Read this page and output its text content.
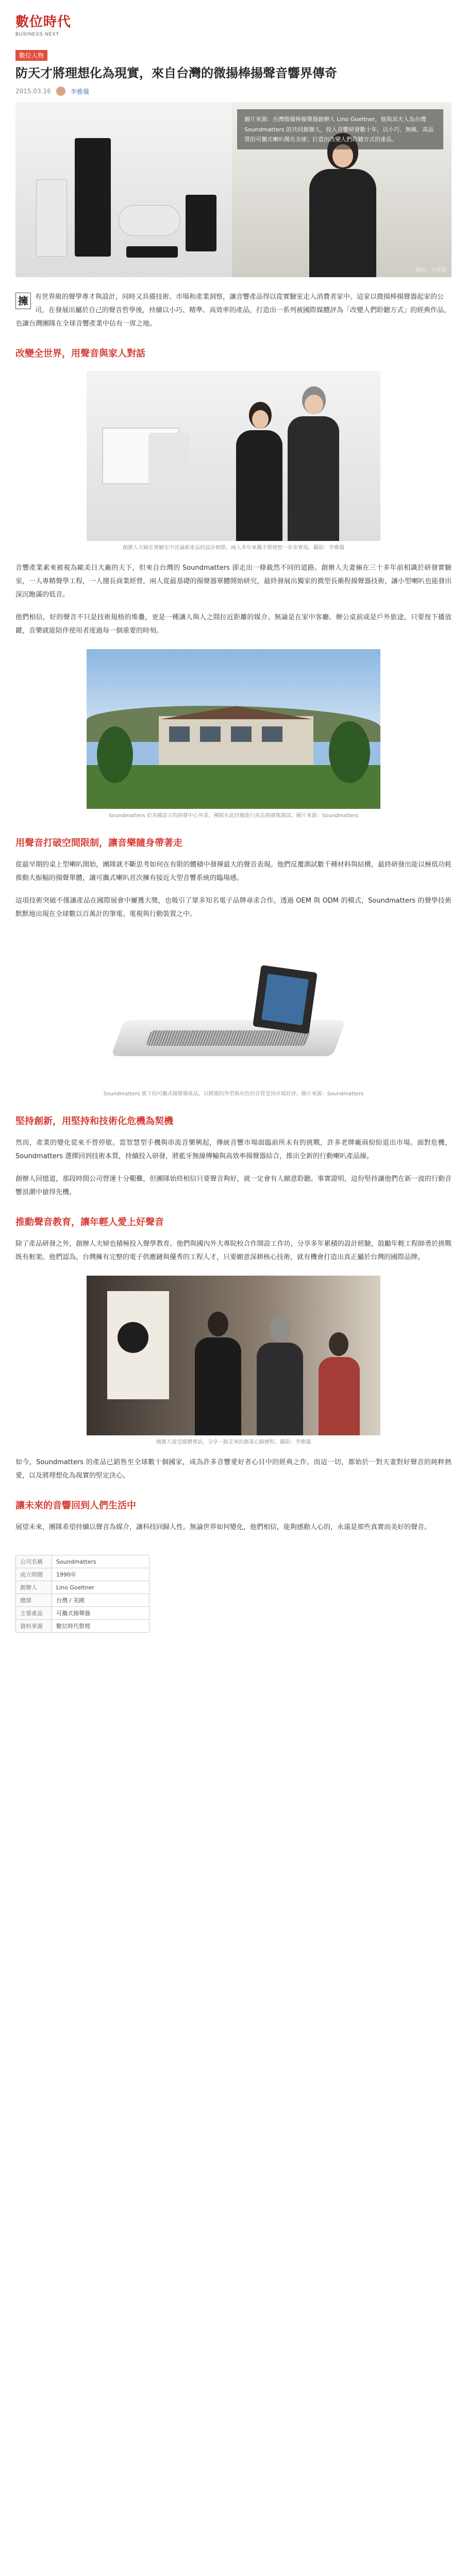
數位時代
BUSINESS NEXT
數位人物
防天才將理想化為現實，來自台灣的微揚棒揚聲音響界傳奇
2015.03.16	李雅儀
圖片來源：台灣微揚棒揚聲器創辦人 Lino Goeltner，他與其夫人為台灣 Soundmatters 的共同創辦人，投入音響研發數十年，以小巧、無線、高品質的可攜式喇叭聞名全球；打造出改變人們聆聽方式的產品。
攝影／李雅儀
擁	有世界級的聲學專才與設計，同時又具備技術、市場和產業洞察，讓音響產品得以從實驗室走入消費者家中。這家以微揚棒揚聲器起家的公司，在發展出屬於自己的聲音哲學後，持續以小巧、精準、高效率的產品，打造出一系列被國際媒體評為「改變人們聆聽方式」的經典作品，也讓台灣團隊在全球音響產業中佔有一席之地。
改變全世界，用聲音與家人對話
創辦人夫婦在實驗室中討論新產品的設計細節，兩人多年來攜手將理想一步步實現。攝影：李雅儀

音響產業素來被視為歐美日大廠的天下，但來自台灣的 Soundmatters 卻走出一條截然不同的道路。創辦人夫妻倆在三十多年前相識於研發實驗室，一人專精聲學工程，一人擅長商業經營，兩人從最基礎的揚聲器單體開始研究，最終發展出獨家的微型長衝程揚聲器技術，讓小型喇叭也能發出深沉飽滿的低音。

他們相信，好的聲音不只是技術規格的堆疊，更是一種讓人與人之間拉近距離的媒介。無論是在家中客廳、辦公桌前或是戶外旅途，只要按下播放鍵，音樂就能陪伴使用者度過每一個重要的時刻。

Soundmatters 於美國設立的研發中心外景，團隊在此持續進行產品開發與測試。圖片來源：Soundmatters
用聲音打破空間限制，讓音樂隨身帶著走

從最早期的桌上型喇叭開始，團隊就不斷思考如何在有限的體積中發揮最大的聲音表現。他們反覆測試數千種材料與結構，最終研發出能以極低功耗推動大振幅的揚聲單體，讓可攜式喇叭首次擁有接近大型音響系統的臨場感。

這項技術突破不僅讓產品在國際展會中屢獲大獎，也吸引了眾多知名電子品牌尋求合作。透過 OEM 與 ODM 的模式，Soundmatters 的聲學技術默默地出現在全球數以百萬計的筆電、電視與行動裝置之中。

Soundmatters 旗下的可攜式揚聲器產品，以精簡的外型與出色的音質受到市場好評。圖片來源：Soundmatters
堅持創新，用堅持和技術化危機為契機

然而，產業的變化從來不曾停歇。當智慧型手機與串流音樂興起，傳統音響市場面臨前所未有的挑戰，許多老牌廠商紛紛退出市場。面對危機，Soundmatters 選擇回到技術本質，持續投入研發，將藍牙無線傳輸與高效率揚聲器結合，推出全新的行動喇叭產品線。

創辦人回憶道，那段時間公司營運十分艱難，但團隊始終相信只要聲音夠好，就一定會有人願意聆聽。事實證明，這份堅持讓他們在新一波的行動音響浪潮中搶得先機。

推動聲音教育，讓年輕人愛上好聲音

除了產品研發之外，創辦人夫婦也積極投入聲學教育。他們與國內外大專院校合作開設工作坊，分享多年累積的設計經驗，鼓勵年輕工程師勇於挑戰既有框架。他們認為，台灣擁有完整的電子供應鏈與優秀的工程人才，只要願意深耕核心技術，就有機會打造出真正屬於台灣的國際品牌。

創辦人接受媒體專訪，分享一路走來的創業心路歷程。攝影：李雅儀

如今，Soundmatters 的產品已銷售至全球數十個國家，成為許多音響愛好者心目中的經典之作。而這一切，都始於一對夫妻對好聲音的純粹熱愛，以及將理想化為現實的堅定決心。

讓未來的音響回到人們生活中

展望未來，團隊希望持續以聲音為媒介，讓科技回歸人性。無論世界如何變化，他們相信，能夠感動人心的，永遠是那些真實而美好的聲音。

公司名稱	Soundmatters
成立時間	1990年
創辦人	Lino Goeltner
總部	台灣 / 美國
主要產品	可攜式揚聲器
資料來源	數位時代整理
